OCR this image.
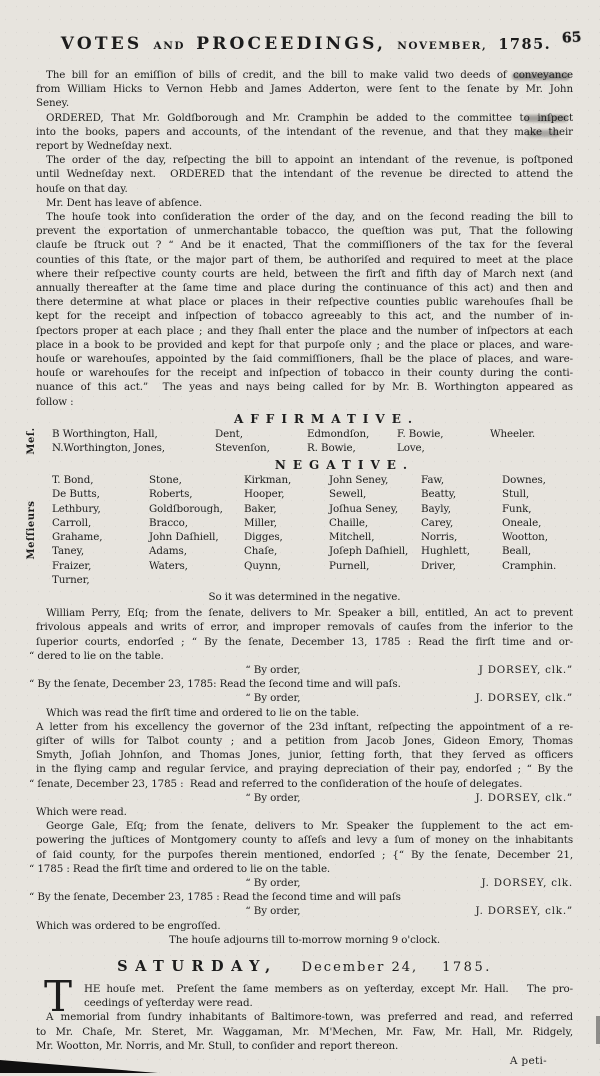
VOTES AND PROCEEDINGS, NOVEMBER, 1785. 65
The bill for an emiſſion of bills of credit, and the bill to make valid two deeds of conveyance
from William Hicks to Vernon Hebb and James Adderton, were ſent to the ſenate by Mr. John
Seney.
ORDERED, That Mr. Goldſborough and Mr. Cramphin be added to the committee to inſpect
into the books, papers and accounts, of the intendant of the revenue, and that they make their
report by Wedneſday next.
The order of the day, reſpecting the bill to appoint an intendant of the revenue, is poſtponed
until Wedneſday next.  ORDERED that the intendant of the revenue be directed to attend the
houſe on that day.
Mr. Dent has leave of abſence.
The houſe took into conſideration the order of the day, and on the ſecond reading the bill to
prevent the exportation of unmerchantable tobacco, the queſtion was put, That the following
clauſe be ſtruck out ? “ And be it enacted, That the commiſſioners of the tax for the ſeveral
counties of this ſtate, or the major part of them, be authoriſed and required to meet at the place
where their reſpective county courts are held, between the firſt and fifth day of March next (and
annually thereafter at the ſame time and place during the continuance of this act) and then and
there determine at what place or places in their reſpective counties public warehouſes ſhall be
kept for the receipt and inſpection of tobacco agreeably to this act, and the number of in-
ſpectors proper at each place ; and they ſhall enter the place and the number of inſpectors at each
place in a book to be provided and kept for that purpoſe only ; and the place or places, and ware-
houſe or warehouſes, appointed by the ſaid commiſſioners, ſhall be the place of places, and ware-
houſe or warehouſes for the receipt and inſpection of tobacco in their county during the conti-
nuance of this act.”  The yeas and nays being called for by Mr. B. Worthington appeared as
follow :
AFFIRMATIVE.
Meſ. B Worthington, Hall,	Dent,	Edmondſon,	F. Bowie,	Wheeler.
N.Worthington, Jones,	Stevenſon,	R. Bowie,	Love,
NEGATIVE.
Meſſieurs
T. Bond,	Stone,	Kirkman,	John Seney,	Faw,	Downes,
De Butts,	Roberts,	Hooper,	Sewell,	Beatty,	Stull,
Lethbury,	Goldſborough,	Baker,	Joſhua Seney,	Bayly,	Funk,
Carroll,	Bracco,	Miller,	Chaille,	Carey,	Oneale,
Grahame,	John Daſhiell,	Digges,	Mitchell,	Norris,	Wootton,
Taney,	Adams,	Chaſe,	Joſeph Daſhiell,	Hughlett,	Beall,
Fraizer,	Waters,	Quynn,	Purnell,	Driver,	Cramphin.
Turner,
So it was determined in the negative.
William Perry, Eſq; from the ſenate, delivers to Mr. Speaker a bill, entitled, An act to prevent
frivolous appeals and writs of error, and improper removals of cauſes from the inferior to the
ſuperior courts, endorſed ; “ By the ſenate, December 13, 1785 : Read the firſt time and or-
“ dered to lie on the table.
“ By order,	J DORSEY, clk.”
“ By the ſenate, December 23, 1785: Read the ſecond time and will paſs.
“ By order,	J. DORSEY, clk.”
Which was read the firſt time and ordered to lie on the table.
A letter from his excellency the governor of the 23d inſtant, reſpecting the appointment of a re-
giſter of wills for Talbot county ; and a petition from Jacob Jones, Gideon Emory, Thomas
Smyth, Joſiah Johnſon, and Thomas Jones, junior, ſetting forth, that they ſerved as officers
in the flying camp and regular ſervice, and praying depreciation of their pay, endorſed ; “ By the
“ ſenate, December 23, 1785 :  Read and referred to the conſideration of the houſe of delegates.
“ By order,	J. DORSEY, clk.”
Which were read.
George Gale, Eſq; from the ſenate, delivers to Mr. Speaker the ſupplement to the act em-
powering the juſtices of Montgomery county to aſſeſs and levy a ſum of money on the inhabitants
of ſaid county, for the purpoſes therein mentioned, endorſed ; {“ By the ſenate, December 21,
“ 1785 : Read the firſt time and ordered to lie on the table.
“ By order,	J. DORSEY, clk.
“ By the ſenate, December 23, 1785 : Read the ſecond time and will paſs
“ By order,	J. DORSEY, clk.”
Which was ordered to be engroſſed.
The houſe adjourns till to-morrow morning 9 o'clock.
SATURDAY, December 24, 1785.
T	HE houſe met.  Preſent the ſame members as on yeſterday, except Mr. Hall.   The pro-
ceedings of yeſterday were read.
A memorial from ſundry inhabitants of Baltimore-town, was preferred and read, and referred
to Mr. Chaſe, Mr. Steret, Mr. Waggaman, Mr. M'Mechen, Mr. Faw, Mr. Hall, Mr. Ridgely,
Mr. Wootton, Mr. Norris, and Mr. Stull, to conſider and report thereon.
A peti-
